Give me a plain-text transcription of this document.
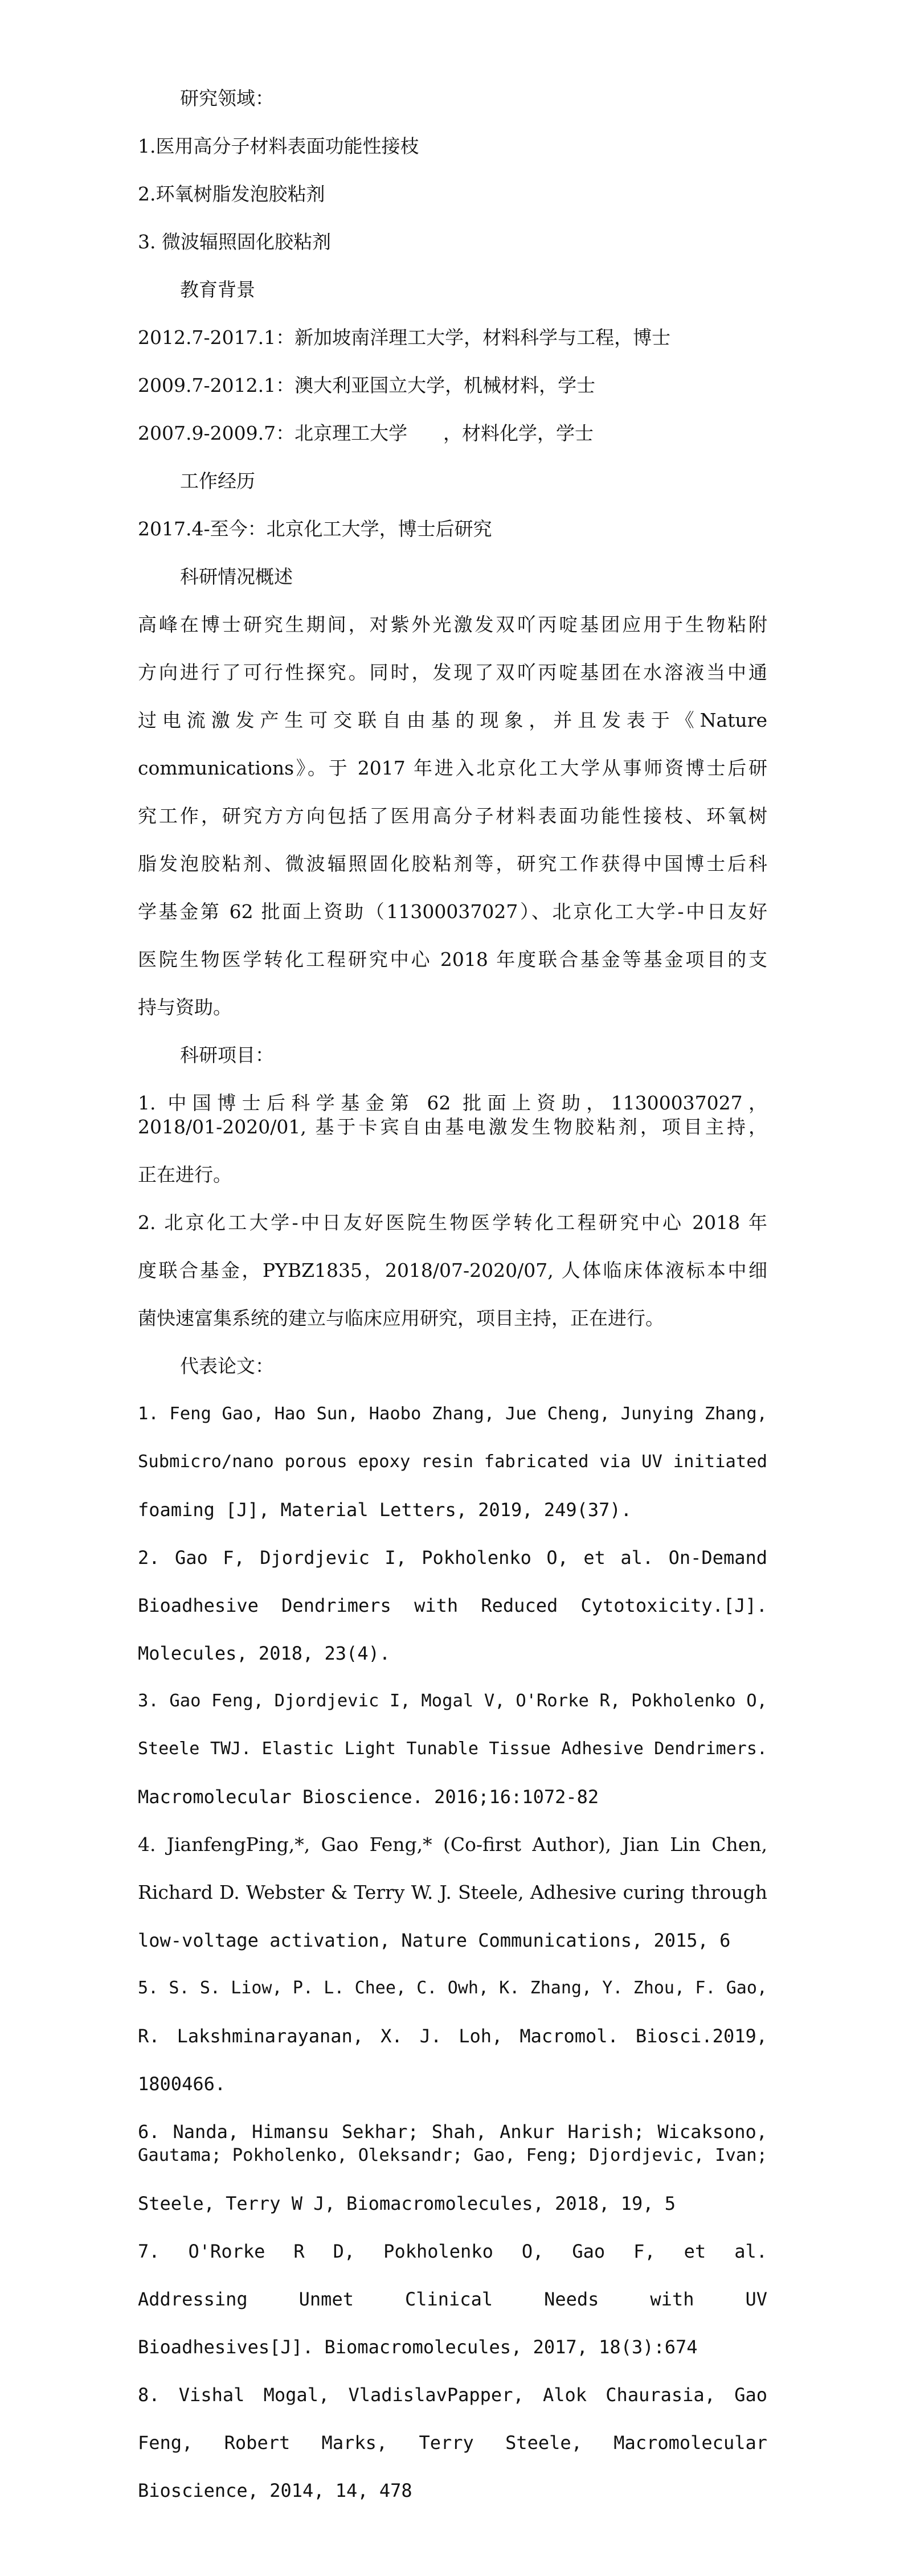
研究领域：
1.医用高分子材料表面功能性接枝
2.环氧树脂发泡胶粘剂
3. 微波辐照固化胶粘剂
教育背景
2012.7-2017.1：新加坡南洋理工大学，材料科学与工程，博士
2009.7-2012.1：澳大利亚国立大学，机械材料，学士
2007.9-2009.7：北京理工大学      ，材料化学，学士
工作经历
2017.4-至今：北京化工大学，博士后研究
科研情况概述
高峰在博士研究生期间，对紫外光激发双吖丙啶基团应用于生物粘附
方向进行了可行性探究。同时，发现了双吖丙啶基团在水溶液当中通
过电流激发产生可交联自由基的现象，并且发表于《Nature
communications》。于 2017 年进入北京化工大学从事师资博士后研
究工作，研究方方向包括了医用高分子材料表面功能性接枝、环氧树
脂发泡胶粘剂、微波辐照固化胶粘剂等，研究工作获得中国博士后科
学基金第 62 批面上资助（11300037027）、北京化工大学-中日友好
医院生物医学转化工程研究中心 2018 年度联合基金等基金项目的支
持与资助。
科研项目：
1. 中国博士后科学基金第 62 批面上资助，11300037027，
2018/01-2020/01, 基于卡宾自由基电激发生物胶粘剂，项目主持，
正在进行。
2. 北京化工大学-中日友好医院生物医学转化工程研究中心 2018 年
度联合基金，PYBZ1835，2018/07-2020/07, 人体临床体液标本中细
菌快速富集系统的建立与临床应用研究，项目主持，正在进行。
代表论文：
1. Feng Gao, Hao Sun, Haobo Zhang, Jue Cheng, Junying Zhang,
Submicro/nano porous epoxy resin fabricated via UV initiated
foaming [J], Material Letters, 2019, 249(37).
2. Gao F, Djordjevic I, Pokholenko O, et al. On-Demand
Bioadhesive Dendrimers with Reduced Cytotoxicity.[J].
Molecules, 2018, 23(4).
3. Gao Feng, Djordjevic I, Mogal V, O'Rorke R, Pokholenko O,
Steele TWJ. Elastic Light Tunable Tissue Adhesive Dendrimers.
Macromolecular Bioscience. 2016;16:1072-82
4. JianfengPing,*, Gao Feng,* (Co-first Author), Jian Lin Chen,
Richard D. Webster & Terry W. J. Steele, Adhesive curing through
low-voltage activation, Nature Communications, 2015, 6
5. S. S. Liow, P. L. Chee, C. Owh, K. Zhang, Y. Zhou, F. Gao,
R. Lakshminarayanan, X. J. Loh, Macromol. Biosci.2019,
1800466.
6. Nanda, Himansu Sekhar; Shah, Ankur Harish; Wicaksono,
Gautama; Pokholenko, Oleksandr; Gao, Feng; Djordjevic, Ivan;
Steele, Terry W J, Biomacromolecules, 2018, 19, 5
7. O'Rorke R D, Pokholenko O, Gao F, et al.
Addressing Unmet Clinical Needs with UV
Bioadhesives[J]. Biomacromolecules, 2017, 18(3):674
8. Vishal Mogal, VladislavPapper, Alok Chaurasia, Gao
Feng, Robert Marks, Terry Steele, Macromolecular
Bioscience, 2014, 14, 478
